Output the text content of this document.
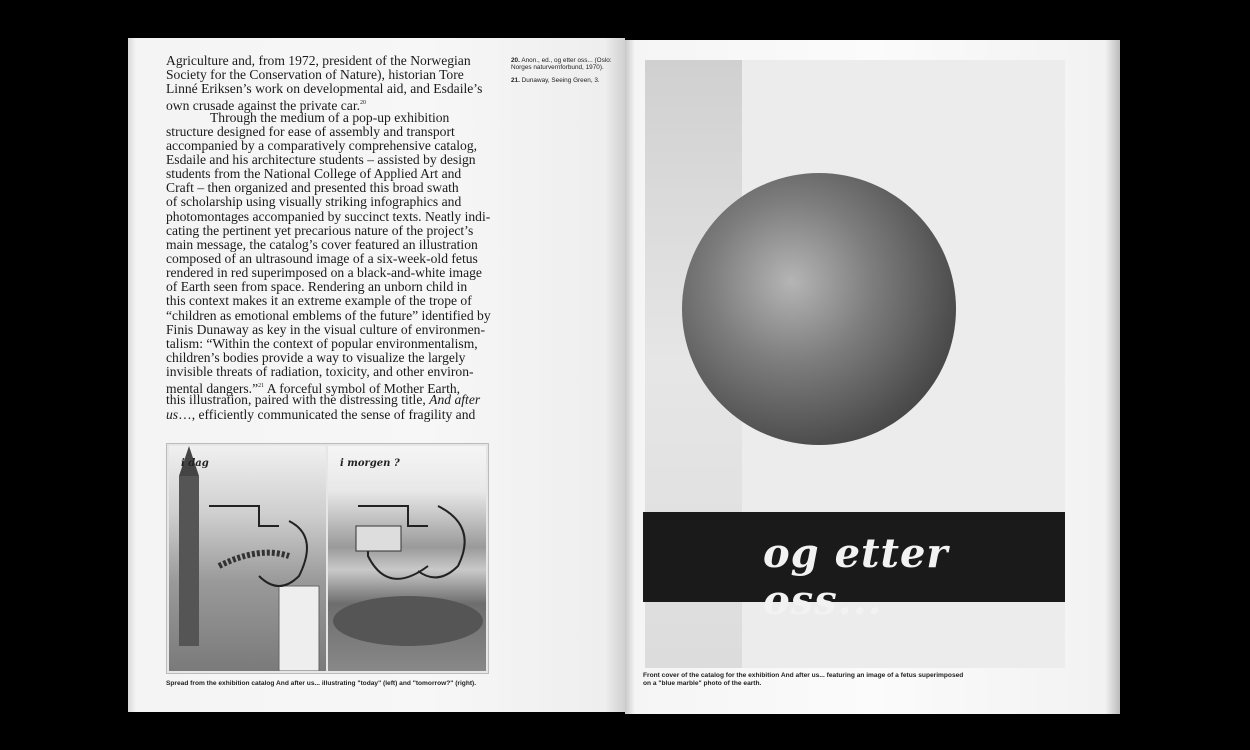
Agriculture and, from 1972, president of the Norwegian
Society for the Conservation of Nature), historian Tore
Linné Eriksen’s work on developmental aid, and Esdaile’s
own crusade against the private car.$^{20}$
Through the medium of a pop-up exhibition
structure designed for ease of assembly and transport
accompanied by a comparatively comprehensive catalog,
Esdaile and his architecture students – assisted by design
students from the National College of Applied Art and
Craft – then organized and presented this broad swath
of scholarship using visually striking infographics and
photomontages accompanied by succinct texts. Neatly indi-
cating the pertinent yet precarious nature of the project’s
main message, the catalog’s cover featured an illustration
composed of an ultrasound image of a six-week-old fetus
rendered in red superimposed on a black-and-white image
of Earth seen from space. Rendering an unborn child in
this context makes it an extreme example of the trope of
“children as emotional emblems of the future” identified by
Finis Dunaway as key in the visual culture of environmen-
talism: “Within the context of popular environmentalism,
children’s bodies provide a way to visualize the largely
invisible threats of radiation, toxicity, and other environ-
mental dangers.”$^{21}$ A forceful symbol of Mother Earth,
this illustration, paired with the distressing title, And after
us…, efficiently communicated the sense of fragility and

20. Anon., ed., og etter oss... (Oslo: Norges naturvernforbund, 1970).

21. Dunaway, Seeing Green, 3.

i dag	i morgen ?
Spread from the exhibition catalog And after us... illustrating "today" (left) and "tomorrow?" (right).
og etter oss...
Front cover of the catalog for the exhibition And after us... featuring an image of a fetus superimposed
on a "blue marble" photo of the earth.
